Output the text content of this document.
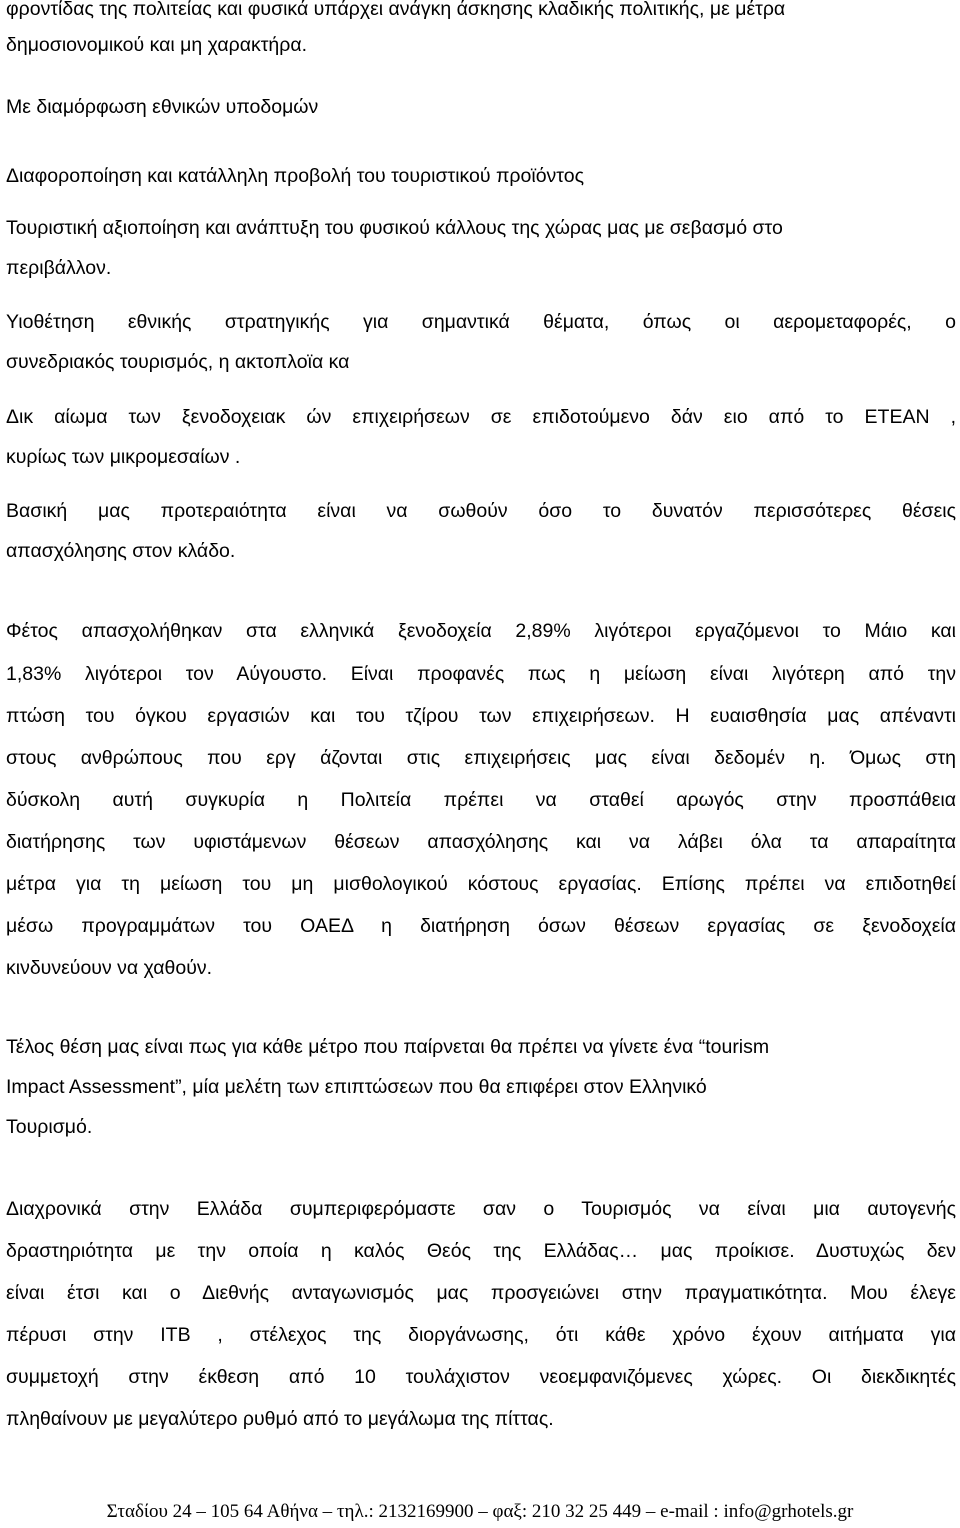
φροντίδας της πολιτείας και φυσικά υπάρχει ανάγκη άσκησης κλαδικής πολιτικής, με μέτρα
δημοσιονομικού και μη χαρακτήρα.
Με διαμόρφωση εθνικών υποδομών
Διαφοροποίηση και κατάλληλη προβολή του τουριστικού προϊόντος
Τουριστική αξιοποίηση και ανάπτυξη του φυσικού κάλλους της χώρας μας με σεβασμό στο
περιβάλλον.
Υιοθέτηση εθνικής στρατηγικής για σημαντικά θέματα, όπως οι αερομεταφορές, ο
συνεδριακός τουρισμός, η ακτοπλοϊα κα
Δικ αίωμα των ξενοδοχειακ ών επιχειρήσεων σε επιδοτούμενο δάν ειο από το ΕΤΕΑΝ ,
κυρίως των μικρομεσαίων .
Βασική μας προτεραιότητα είναι να σωθούν όσο το δυνατόν περισσότερες θέσεις
απασχόλησης στον κλάδο.
Φέτος απασχολήθηκαν στα ελληνικά ξενοδοχεία 2,89% λιγότεροι εργαζόμενοι το Μάιο και
1,83% λιγότεροι τον Αύγουστο. Είναι προφανές πως η μείωση είναι λιγότερη από την
πτώση του όγκου εργασιών και του τζίρου των επιχειρήσεων. Η ευαισθησία μας απέναντι
στους ανθρώπους που εργ άζονται στις επιχειρήσεις μας είναι δεδομέν η. Όμως στη
δύσκολη αυτή συγκυρία η Πολιτεία πρέπει να σταθεί αρωγός στην προσπάθεια
διατήρησης των υφιστάμενων θέσεων απασχόλησης και να λάβει όλα τα απαραίτητα
μέτρα για τη μείωση του μη μισθολογικού κόστους εργασίας. Επίσης πρέπει να επιδοτηθεί
μέσω προγραμμάτων του ΟΑΕΔ η διατήρηση όσων θέσεων εργασίας σε ξενοδοχεία
κινδυνεύουν να χαθούν.
Τέλος θέση μας είναι πως για κάθε μέτρο που παίρνεται θα πρέπει να γίνετε ένα “tourism
Impact Assessment”, μία μελέτη των επιπτώσεων που θα επιφέρει στον Ελληνικό
Τουρισμό.
Διαχρονικά στην Ελλάδα συμπεριφερόμαστε σαν ο Τουρισμός να είναι μια αυτογενής
δραστηριότητα με την οποία η καλός Θεός της Ελλάδας… μας προίκισε. Δυστυχώς δεν
είναι έτσι και ο Διεθνής ανταγωνισμός μας προσγειώνει στην πραγματικότητα. Μου έλεγε
πέρυσι στην ΙΤΒ , στέλεχος της διοργάνωσης, ότι κάθε χρόνο έχουν αιτήματα για
συμμετοχή στην έκθεση από 10 τουλάχιστον νεοεμφανιζόμενες χώρες. Οι διεκδικητές
πληθαίνουν με μεγαλύτερο ρυθμό από το μεγάλωμα της πίττας.
Σταδίου 24 – 105 64 Αθήνα – τηλ.: 2132169900 – φαξ: 210 32 25 449 – e-mail : info@grhotels.gr
